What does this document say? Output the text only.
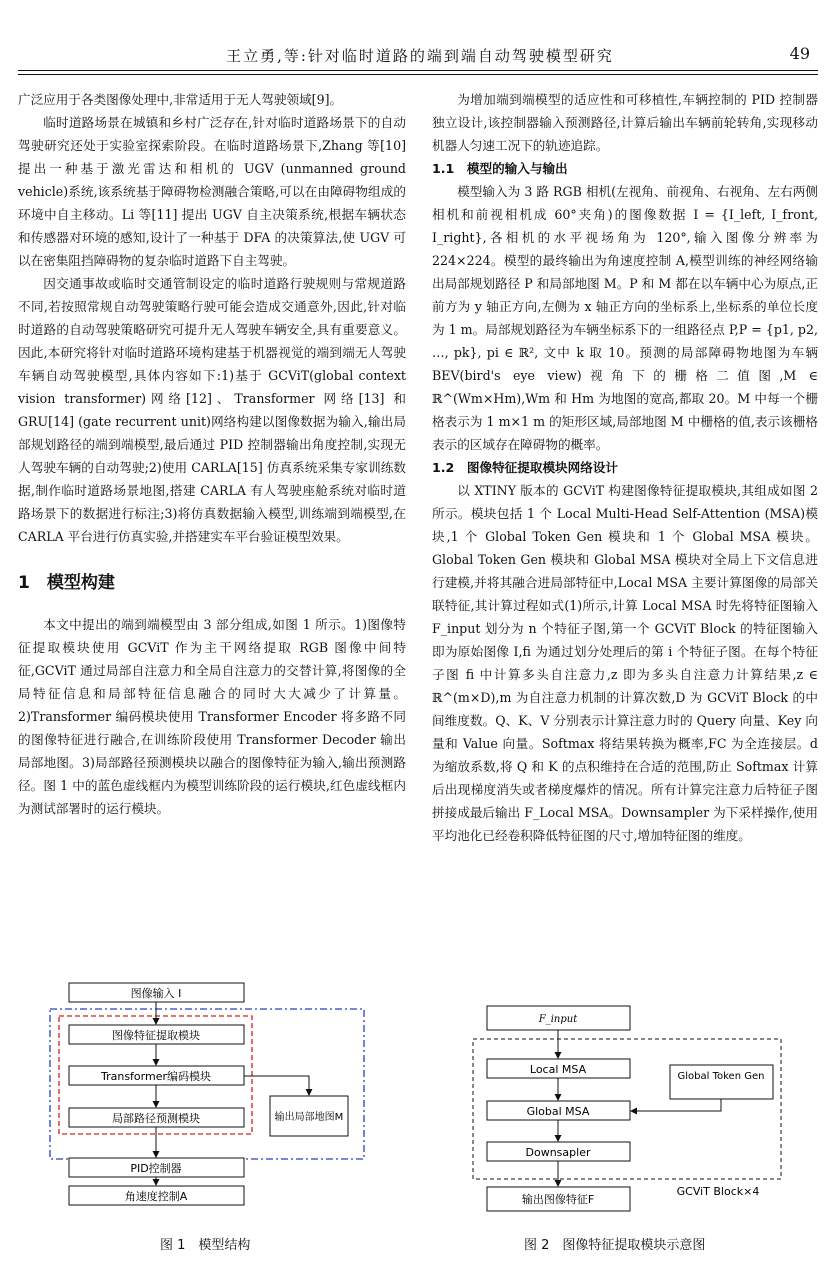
王立勇,等:针对临时道路的端到端自动驾驶模型研究	49

广泛应用于各类图像处理中,非常适用于无人驾驶领域[9]。

临时道路场景在城镇和乡村广泛存在,针对临时道路场景下的自动驾驶研究还处于实验室探索阶段。在临时道路场景下,Zhang 等[10] 提出一种基于激光雷达和相机的 UGV (unmanned ground vehicle)系统,该系统基于障碍物检测融合策略,可以在由障碍物组成的环境中自主移动。Li 等[11] 提出 UGV 自主决策系统,根据车辆状态和传感器对环境的感知,设计了一种基于 DFA 的决策算法,使 UGV 可以在密集阻挡障碍物的复杂临时道路下自主驾驶。

因交通事故或临时交通管制设定的临时道路行驶规则与常规道路不同,若按照常规自动驾驶策略行驶可能会造成交通意外,因此,针对临时道路的自动驾驶策略研究可提升无人驾驶车辆安全,具有重要意义。因此,本研究将针对临时道路环境构建基于机器视觉的端到端无人驾驶车辆自动驾驶模型,具体内容如下:1)基于 GCViT(global context vision transformer)网络[12]、Transformer 网络[13] 和 GRU[14] (gate recurrent unit)网络构建以图像数据为输入,输出局部规划路径的端到端模型,最后通过 PID 控制器输出角度控制,实现无人驾驶车辆的自动驾驶;2)使用 CARLA[15] 仿真系统采集专家训练数据,制作临时道路场景地图,搭建 CARLA 有人驾驶座舱系统对临时道路场景下的数据进行标注;3)将仿真数据输入模型,训练端到端模型,在 CARLA 平台进行仿真实验,并搭建实车平台验证模型效果。

1　模型构建

本文中提出的端到端模型由 3 部分组成,如图 1 所示。1)图像特征提取模块使用 GCViT 作为主干网络提取 RGB 图像中间特征,GCViT 通过局部自注意力和全局自注意力的交替计算,将图像的全局特征信息和局部特征信息融合的同时大大减少了计算量。2)Transformer 编码模块使用 Transformer Encoder 将多路不同的图像特征进行融合,在训练阶段使用 Transformer Decoder 输出局部地图。3)局部路径预测模块以融合的图像特征为输入,输出预测路径。图 1 中的蓝色虚线框内为模型训练阶段的运行模块,红色虚线框内为测试部署时的运行模块。

为增加端到端模型的适应性和可移植性,车辆控制的 PID 控制器独立设计,该控制器输入预测路径,计算后输出车辆前轮转角,实现移动机器人匀速工况下的轨迹追踪。

1.1　模型的输入与输出

模型输入为 3 路 RGB 相机(左视角、前视角、右视角、左右两侧相机和前视相机成 60°夹角)的图像数据 I = {I_left, I_front, I_right},各相机的水平视场角为 120°,输入图像分辨率为 224×224。模型的最终输出为角速度控制 A,模型训练的神经网络输出局部规划路径 P 和局部地图 M。P 和 M 都在以车辆中心为原点,正前方为 y 轴正方向,左侧为 x 轴正方向的坐标系上,坐标系的单位长度为 1 m。局部规划路径为车辆坐标系下的一组路径点 P,P = {p1, p2, …, pk}, pi ∈ ℝ², 文中 k 取 10。预测的局部障碍物地图为车辆 BEV(bird's eye view)视角下的栅格二值图,M ∈ ℝ^(Wm×Hm),Wm 和 Hm 为地图的宽高,都取 20。M 中每一个栅格表示为 1 m×1 m 的矩形区域,局部地图 M 中栅格的值,表示该栅格表示的区域存在障碍物的概率。

1.2　图像特征提取模块网络设计

以 XTINY 版本的 GCViT 构建图像特征提取模块,其组成如图 2 所示。模块包括 1 个 Local Multi-Head Self-Attention (MSA)模块,1 个 Global Token Gen 模块和 1 个 Global MSA 模块。Global Token Gen 模块和 Global MSA 模块对全局上下文信息进行建模,并将其融合进局部特征中,Local MSA 主要计算图像的局部关联特征,其计算过程如式(1)所示,计算 Local MSA 时先将特征图输入 F_input 划分为 n 个特征子图,第一个 GCViT Block 的特征图输入即为原始图像 I,fi 为通过划分处理后的第 i 个特征子图。在每个特征子图 fi 中计算多头自注意力,z 即为多头自注意力计算结果,z ∈ ℝ^(m×D),m 为自注意力机制的计算次数,D 为 GCViT Block 的中间维度数。Q、K、V 分别表示计算注意力时的 Query 向量、Key 向量和 Value 向量。Softmax 将结果转换为概率,FC 为全连接层。d 为缩放系数,将 Q 和 K 的点积维持在合适的范围,防止 Softmax 计算后出现梯度消失或者梯度爆炸的情况。所有计算完注意力后特征子图拼接成最后输出 F_Local MSA。Downsampler 为下采样操作,使用平均池化已经卷积降低特征图的尺寸,增加特征图的维度。

图像输入 I
图像特征提取模块
Transformer编码模块
局部路径预测模块	输出局部地图M
PID控制器
角速度控制A
图 1　模型结构
F_input
Local MSA
Global Token Gen
Global MSA
Downsapler
输出图像特征F
GCViT Block×4
图 2　图像特征提取模块示意图
